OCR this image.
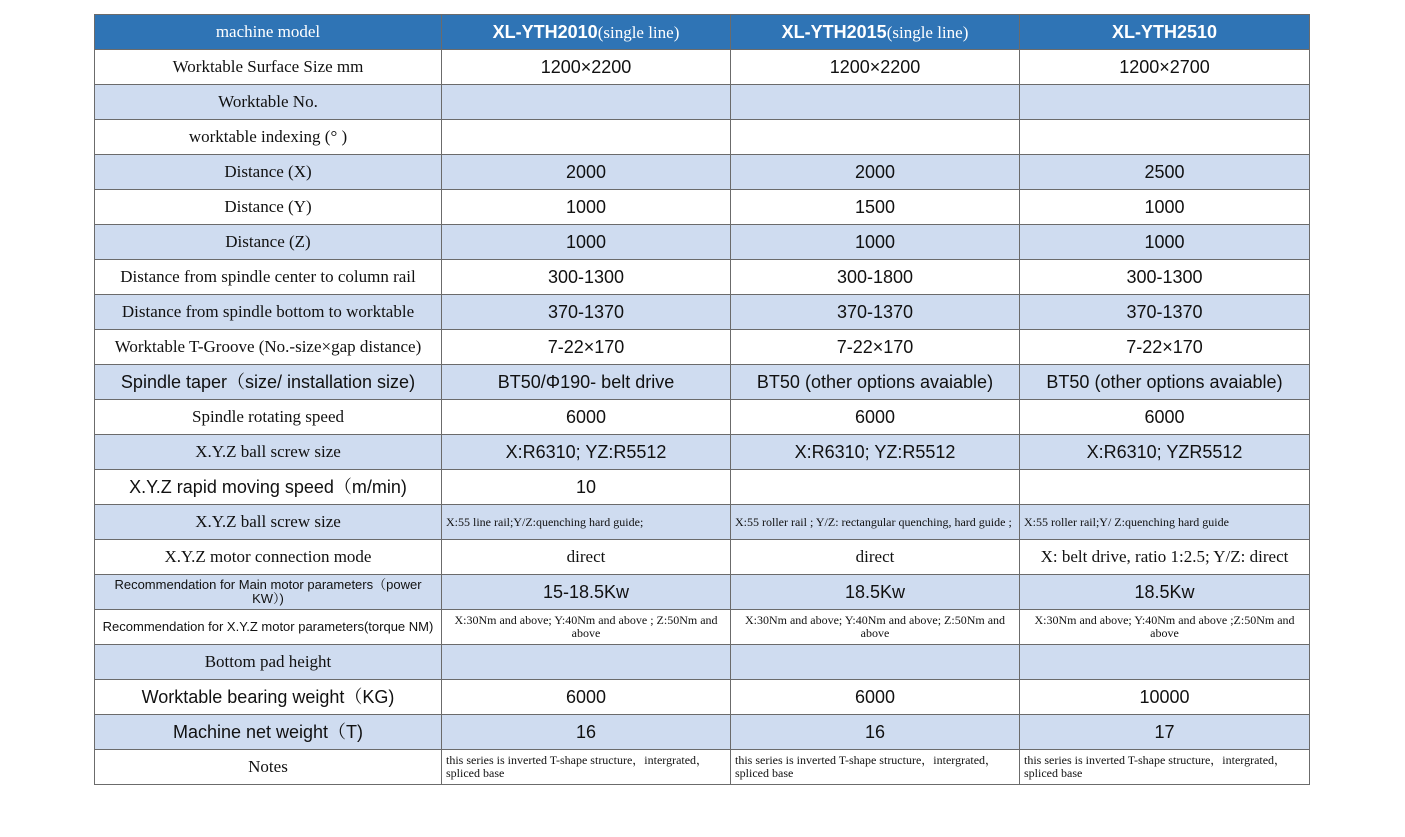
machine model	XL-YTH2010(single line)	XL-YTH2015(single line)	XL-YTH2510
Worktable Surface Size mm	1200×2200	1200×2200	1200×2700
Worktable No.			
worktable indexing (° )			
Distance (X)	2000	2000	2500
Distance (Y)	1000	1500	1000
Distance (Z)	1000	1000	1000
Distance from spindle center to column rail	300-1300	300-1800	300-1300
Distance from spindle bottom to worktable	370-1370	370-1370	370-1370
Worktable T-Groove (No.-size×gap distance)	7-22×170	7-22×170	7-22×170
Spindle taper（size/ installation size)	BT50/Φ190- belt drive	BT50 (other options avaiable)	BT50 (other options avaiable)
Spindle rotating speed	6000	6000	6000
X.Y.Z ball screw size	X:R6310; YZ:R5512	X:R6310; YZ:R5512	X:R6310; YZR5512
X.Y.Z rapid moving speed（m/min)	10		
X.Y.Z ball screw size	X:55 line rail;Y/Z:quenching hard guide;	X:55 roller rail ; Y/Z: rectangular quenching, hard guide ;	X:55 roller rail;Y/ Z:quenching hard guide
X.Y.Z motor connection mode	direct	direct	X: belt drive, ratio 1:2.5; Y/Z: direct
Recommendation for Main motor parameters（power KW）)	15-18.5Kw	18.5Kw	18.5Kw
Recommendation for X.Y.Z motor parameters(torque NM)	X:30Nm and above; Y:40Nm and above ; Z:50Nm and above	X:30Nm and above; Y:40Nm and above; Z:50Nm and above	X:30Nm and above; Y:40Nm and above ;Z:50Nm and above
Bottom pad height			
Worktable bearing weight（KG)	6000	6000	10000
Machine net weight（T)	16	16	17
Notes	this series is inverted T-shape structure，intergrated，spliced base	this series is inverted T-shape structure，intergrated，spliced base	this series is inverted T-shape structure，intergrated，spliced base
